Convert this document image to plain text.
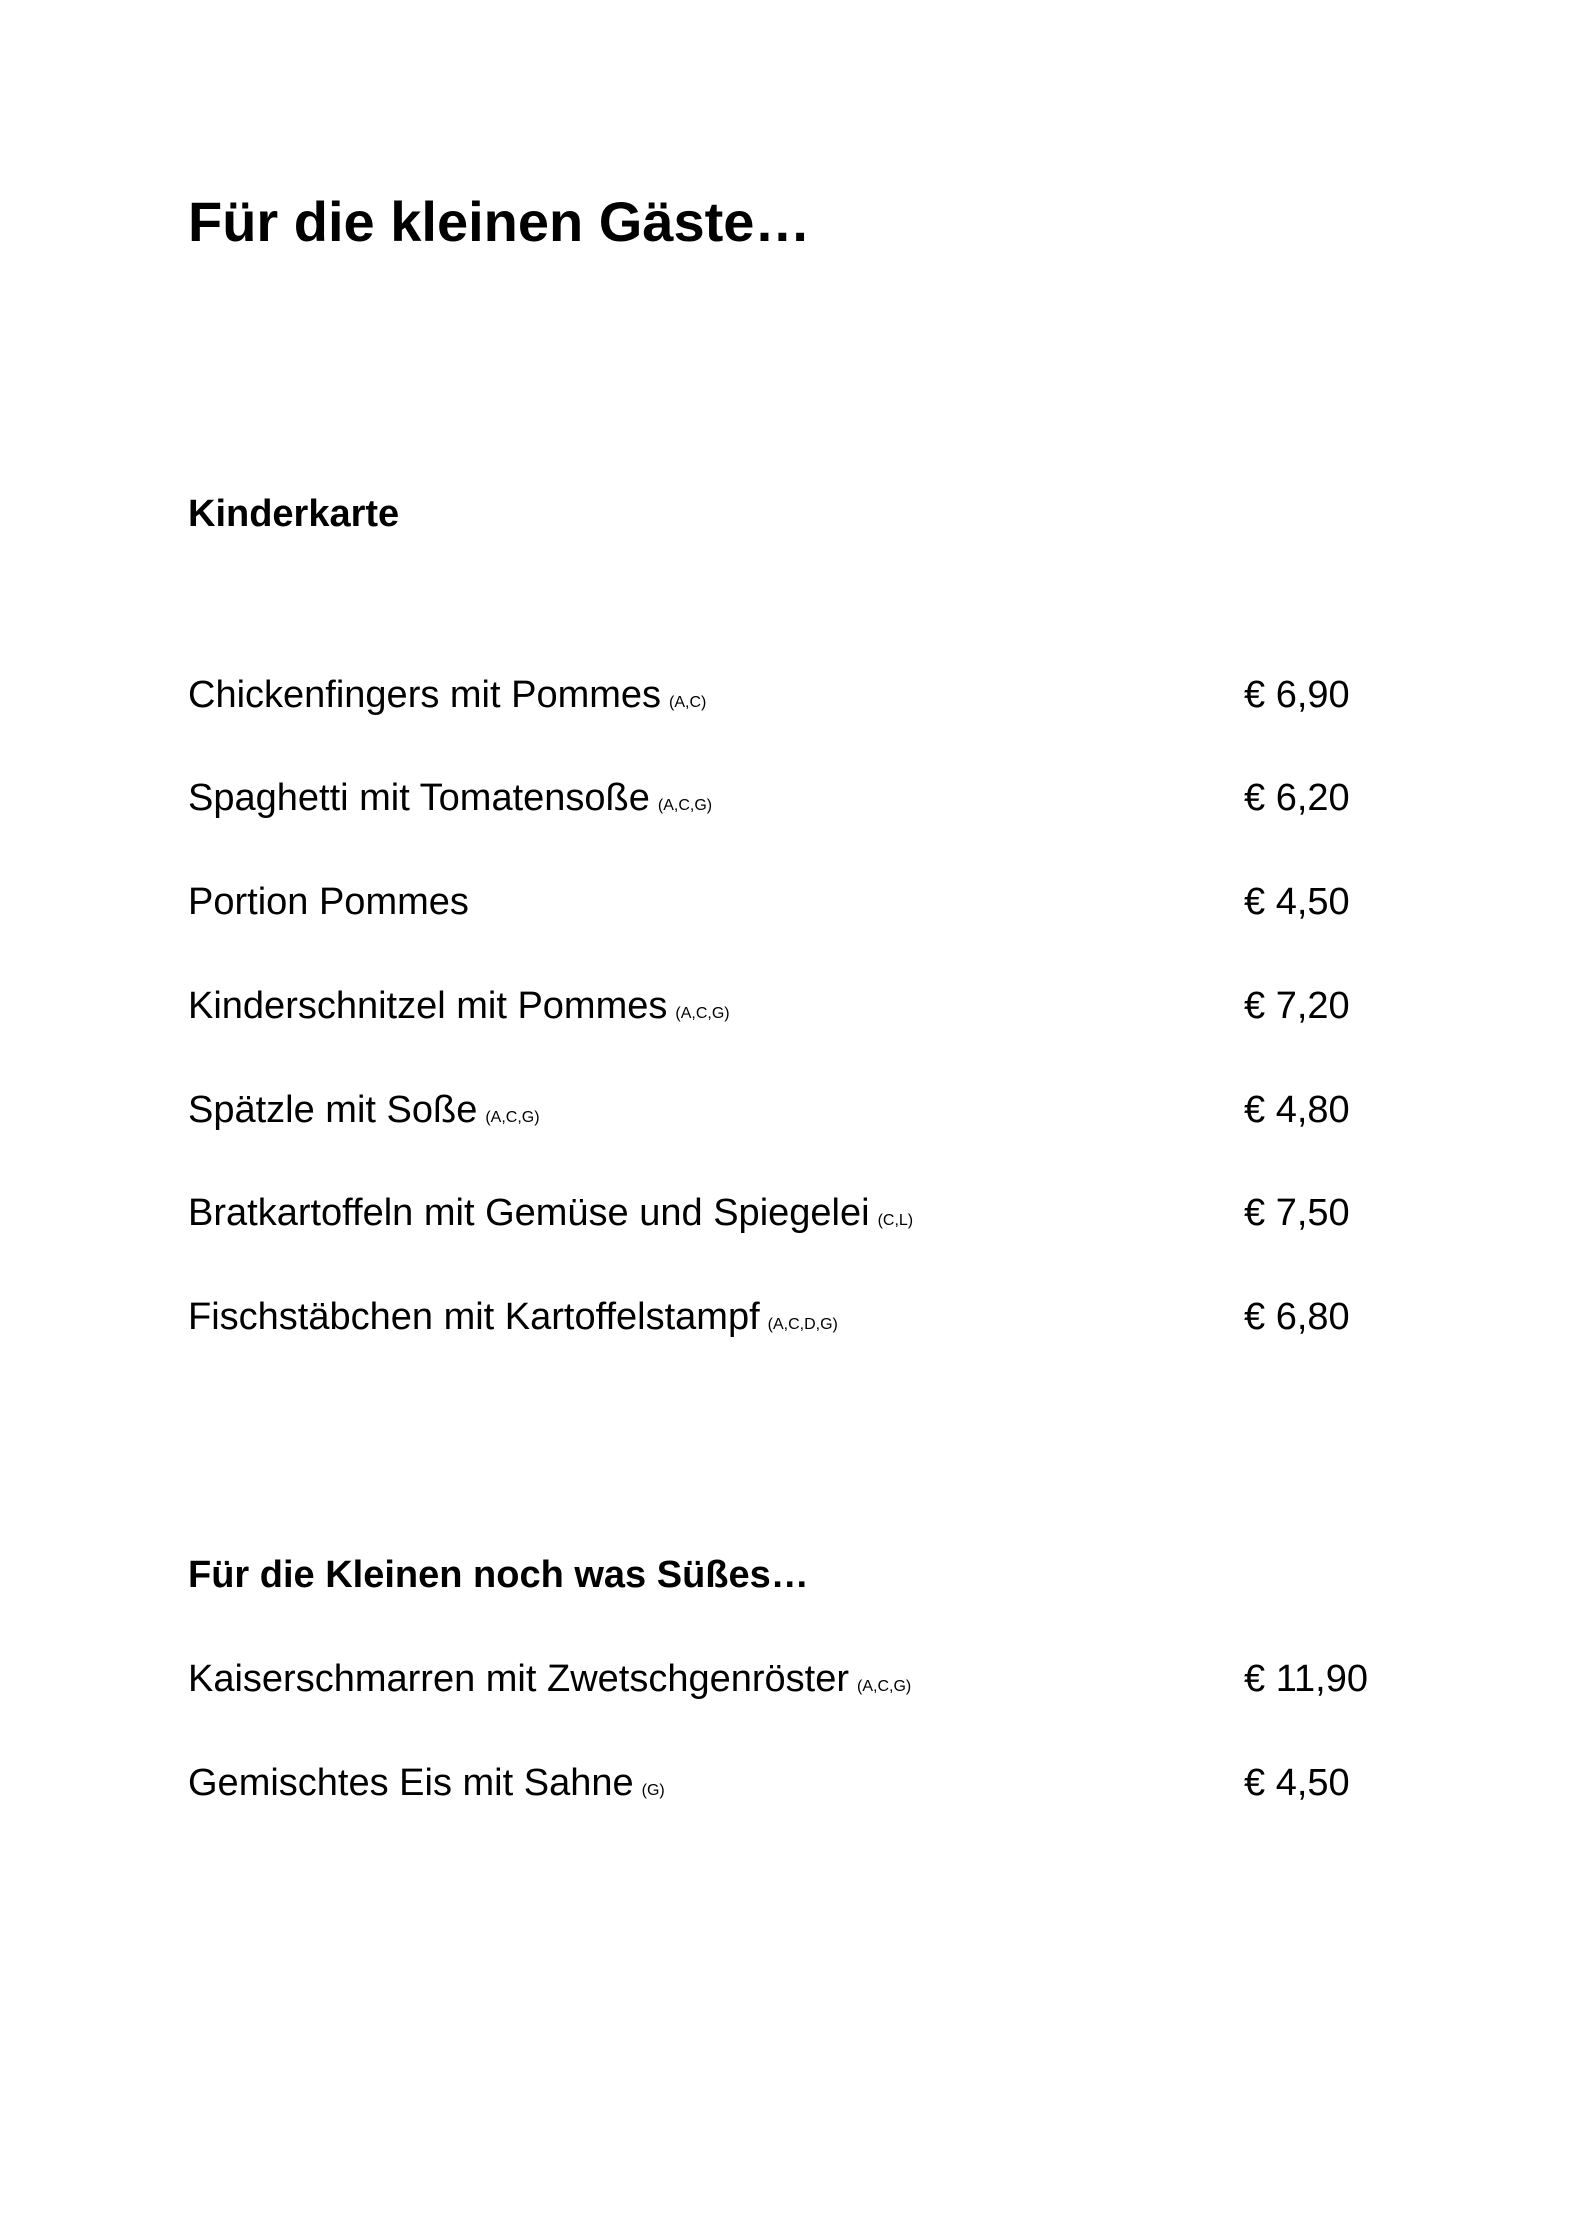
Für die kleinen Gäste…
Kinderkarte
Chickenfingers mit Pommes (A,C)	€ 6,90
Spaghetti mit Tomatensoße (A,C,G)	€ 6,20
Portion Pommes	€ 4,50
Kinderschnitzel mit Pommes (A,C,G)	€ 7,20
Spätzle mit Soße (A,C,G)	€ 4,80
Bratkartoffeln mit Gemüse und Spiegelei (C,L)	€ 7,50
Fischstäbchen mit Kartoffelstampf (A,C,D,G)	€ 6,80
Für die Kleinen noch was Süßes…
Kaiserschmarren mit Zwetschgenröster (A,C,G)	€ 11,90
Gemischtes Eis mit Sahne (G)	€ 4,50
